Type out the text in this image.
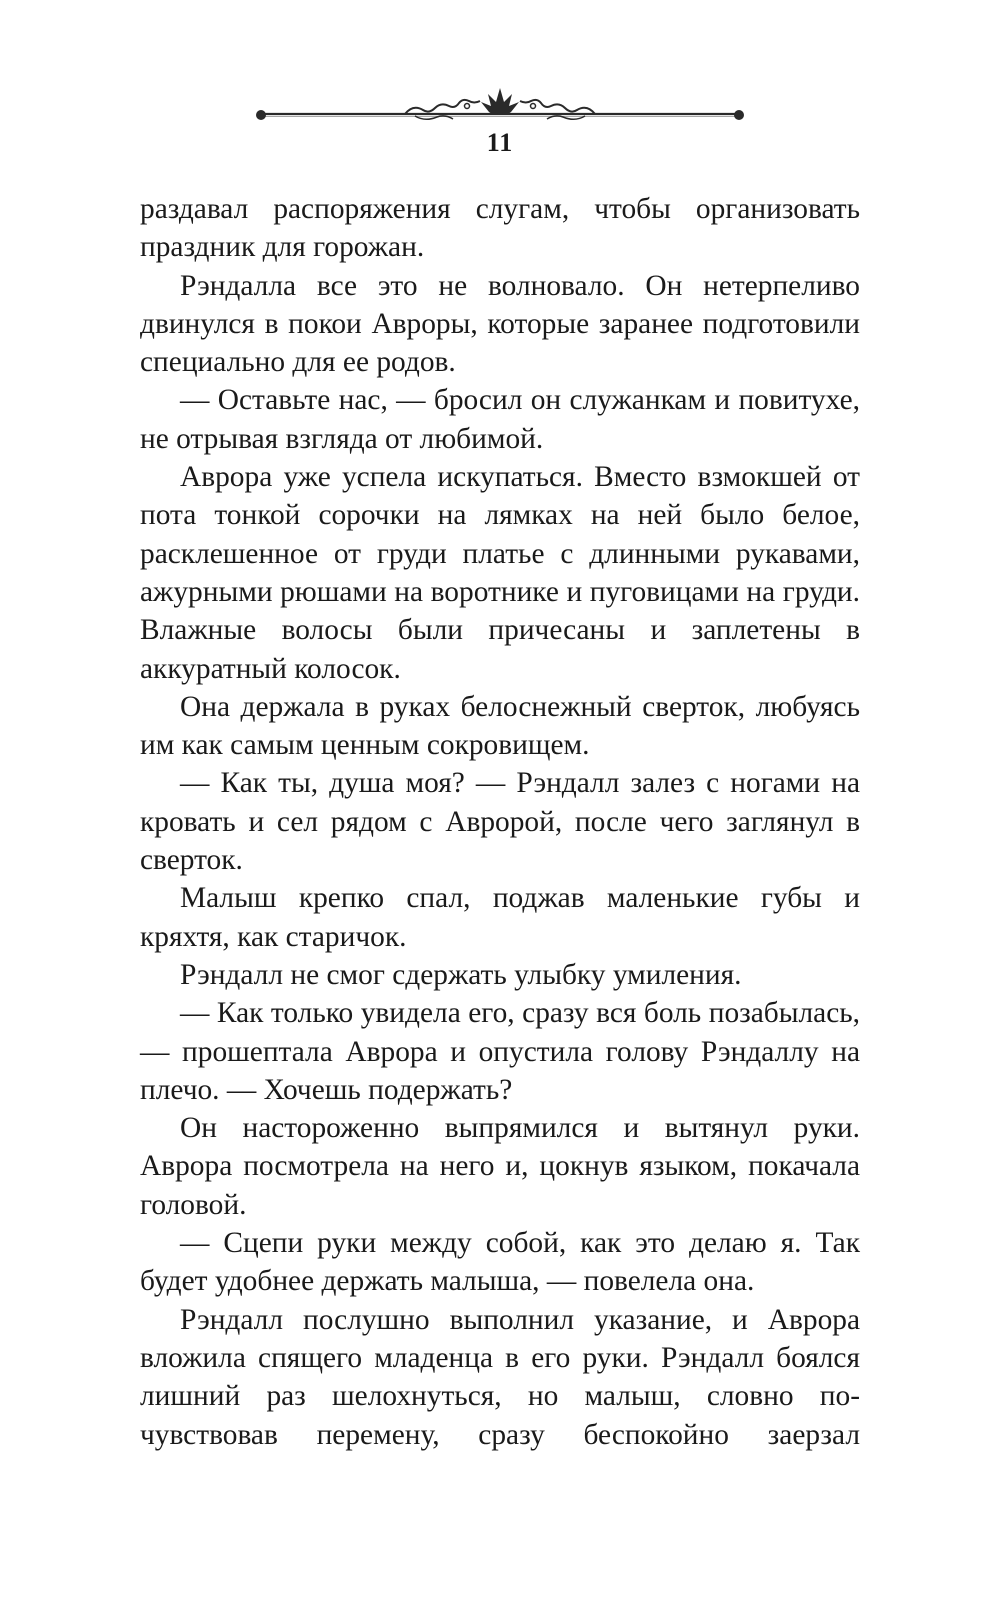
11

раздавал распоряжения слугам, чтобы организовать праздник для горожан.

Рэндалла все это не волновало. Он нетерпеливо двинулся в покои Авроры, которые заранее подготовили специально для ее родов.

— Оставьте нас, — бросил он служанкам и повитухе, не отрывая взгляда от любимой.

Аврора уже успела искупаться. Вместо взмокшей от пота тонкой сорочки на лямках на ней было белое, расклешенное от груди платье с длинными рукавами, ажурными рюшами на воротнике и пуговицами на груди. Влажные волосы были причесаны и заплетены в аккуратный колосок.

Она держала в руках белоснежный сверток, любуясь им как самым ценным сокровищем.

— Как ты, душа моя? — Рэндалл залез с ногами на кровать и сел рядом с Авророй, после чего заглянул в сверток.

Малыш крепко спал, поджав маленькие губы и кряхтя, как старичок.

Рэндалл не смог сдержать улыбку умиления.

— Как только увидела его, сразу вся боль позабылась, — прошептала Аврора и опустила голову Рэндаллу на плечо. — Хочешь подержать?

Он настороженно выпрямился и вытянул руки. Аврора посмотрела на него и, цокнув языком, покачала головой.

— Сцепи руки между собой, как это делаю я. Так будет удобнее держать малыша, — повелела она.

Рэндалл послушно выполнил указание, и Аврора вложила спящего младенца в его руки. Рэндалл боялся лишний раз шелохнуться, но малыш, словно почувствовав перемену, сразу беспокойно заерзал
